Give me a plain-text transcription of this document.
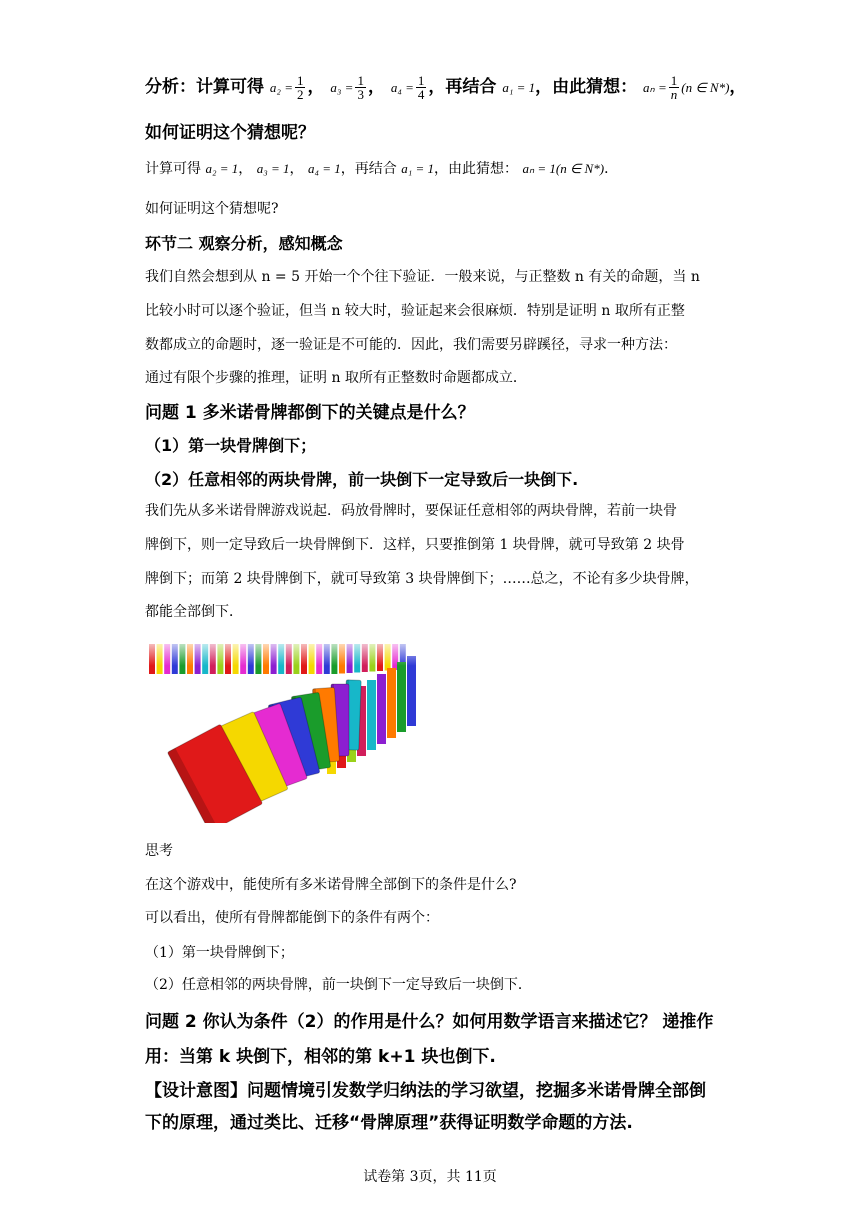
分析：计算可得 $a_2 = \frac{1}{2}$ ， $a_3 = \frac{1}{3}$ ， $a_4 = \frac{1}{4}$ ，再结合 a₁ = 1，由此猜想： $a_n = \frac{1}{n} (n$ ∈ N*)，
如何证明这个猜想呢？
计算可得 a₂ = 1， a₃ = 1， a₄ = 1，再结合 a₁ = 1，由此猜想： aₙ = 1(n ∈ N*)．
如何证明这个猜想呢?
环节二 观察分析，感知概念
我们自然会想到从 n = 5 开始一个个往下验证．一般来说，与正整数 n 有关的命题，当 n
比较小时可以逐个验证，但当 n 较大时，验证起来会很麻烦．特别是证明 n 取所有正整
数都成立的命题时，逐一验证是不可能的．因此，我们需要另辟蹊径，寻求一种方法：
通过有限个步骤的推理，证明 n 取所有正整数时命题都成立．
问题 1 多米诺骨牌都倒下的关键点是什么？
（1）第一块骨牌倒下；
（2）任意相邻的两块骨牌，前一块倒下一定导致后一块倒下.
我们先从多米诺骨牌游戏说起．码放骨牌时，要保证任意相邻的两块骨牌，若前一块骨
牌倒下，则一定导致后一块骨牌倒下．这样，只要推倒第 1 块骨牌，就可导致第 2 块骨
牌倒下；而第 2 块骨牌倒下，就可导致第 3 块骨牌倒下；……总之，不论有多少块骨牌，
都能全部倒下．
思考
在这个游戏中，能使所有多米诺骨牌全部倒下的条件是什么?
可以看出，使所有骨牌都能倒下的条件有两个：
（1）第一块骨牌倒下；
（2）任意相邻的两块骨牌，前一块倒下一定导致后一块倒下．
问题 2 你认为条件（2）的作用是什么？如何用数学语言来描述它？ 递推作
用：当第 k 块倒下，相邻的第 k+1 块也倒下.
【设计意图】问题情境引发数学归纳法的学习欲望，挖掘多米诺骨牌全部倒
下的原理，通过类比、迁移“骨牌原理”获得证明数学命题的方法.
试卷第 3页，共 11页
